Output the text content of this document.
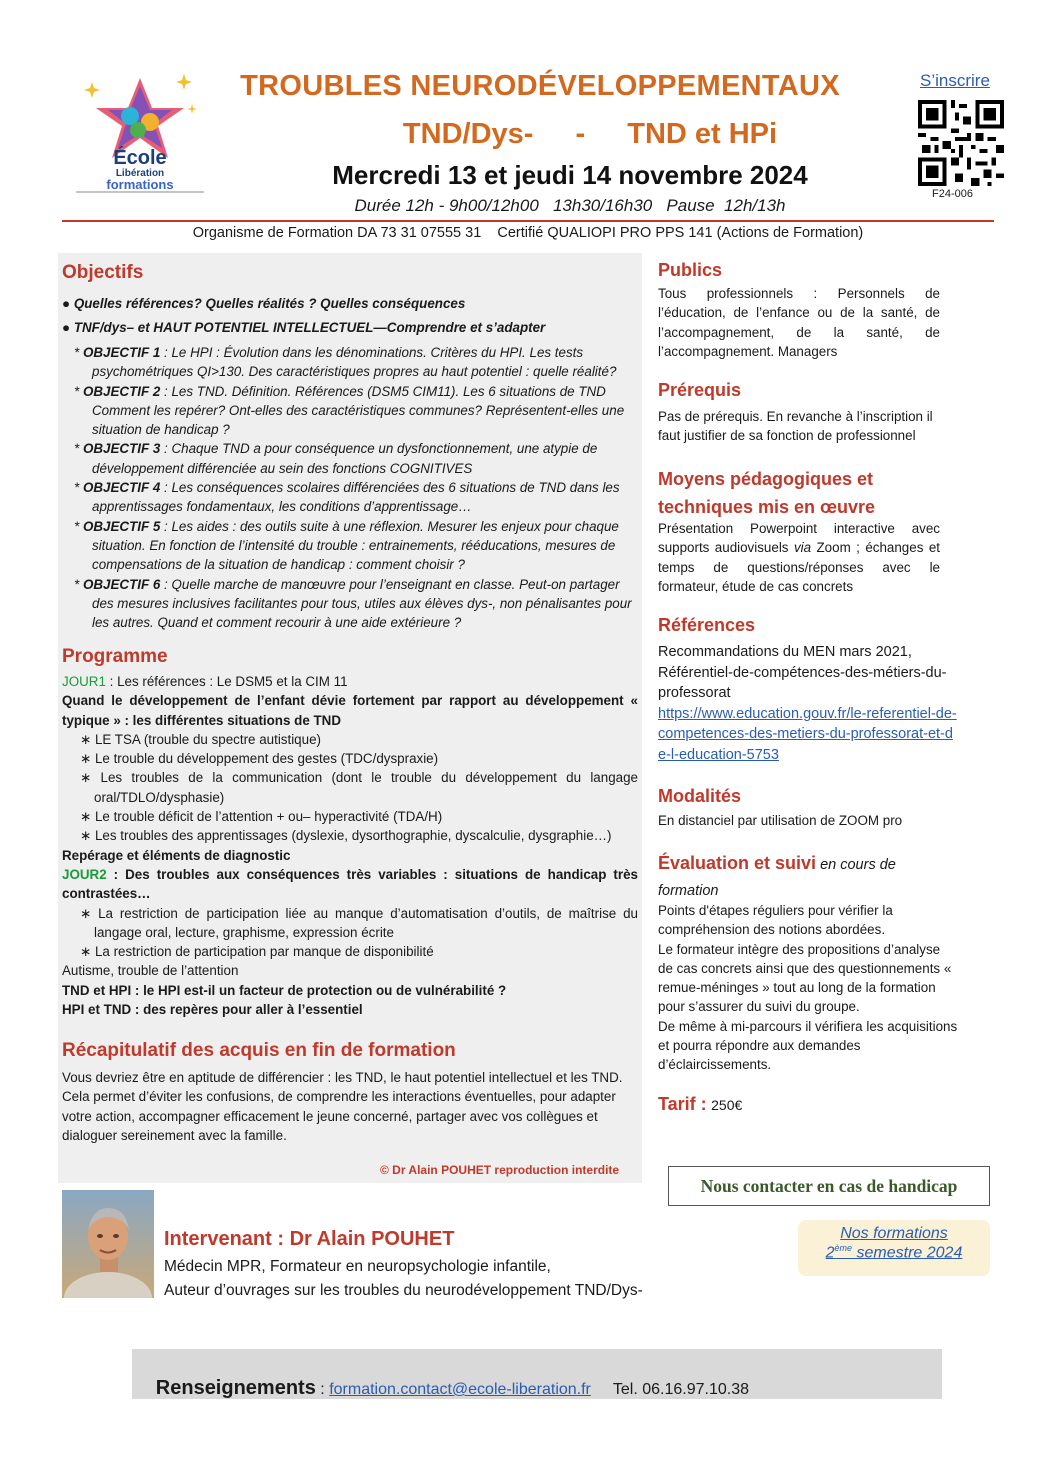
École
Libération
formations
TROUBLES NEURODÉVELOPPEMENTAUX
TND/Dys- - TND et HPi
Mercredi 13 et jeudi 14 novembre 2024
Durée 12h - 9h00/12h00   13h30/16h30   Pause  12h/13h
S’inscrire
F24-006
Organisme de Formation DA 73 31 07555 31    Certifié QUALIOPI PRO PPS 141 (Actions de Formation)
Objectifs
● Quelles références? Quelles réalités ? Quelles conséquences
● TNF/dys– et HAUT POTENTIEL INTELLECTUEL—Comprendre et s’adapter
* OBJECTIF 1 : Le HPI : Évolution dans les dénominations. Critères du HPI. Les tests psychométriques QI>130. Des caractéristiques propres au haut potentiel : quelle réalité?
* OBJECTIF 2 : Les TND. Définition. Références (DSM5 CIM11). Les 6 situations de TND Comment les repérer? Ont-elles des caractéristiques communes? Représentent-elles une situation de handicap ?
* OBJECTIF 3 : Chaque TND a pour conséquence un dysfonctionnement, une atypie de développement différenciée au sein des fonctions COGNITIVES
* OBJECTIF 4 : Les conséquences scolaires différenciées des 6 situations de TND dans les apprentissages fondamentaux, les conditions d’apprentissage…
* OBJECTIF 5 : Les aides : des outils suite à une réflexion. Mesurer les enjeux pour chaque situation. En fonction de l’intensité du trouble : entrainements, rééducations, mesures de compensations de la situation de handicap : comment choisir ?
* OBJECTIF 6 : Quelle marche de manœuvre pour l’enseignant en classe. Peut-on partager des mesures inclusives facilitantes pour tous, utiles aux élèves dys-, non pénalisantes pour les autres. Quand et comment recourir à une aide extérieure ?
Programme
JOUR1 : Les références : Le DSM5 et la CIM 11
Quand le développement de l’enfant dévie fortement par rapport au développement « typique » : les différentes situations de TND
∗ LE TSA (trouble du spectre autistique)
∗ Le trouble du développement des gestes (TDC/dyspraxie)
∗ Les troubles de la communication (dont le trouble du développement du langage oral/TDLO/dysphasie)
∗ Le trouble déficit de l’attention + ou– hyperactivité (TDA/H)
∗ Les troubles des apprentissages (dyslexie, dysorthographie, dyscalculie, dysgraphie…)
Repérage et éléments de diagnostic
JOUR2 : Des troubles aux conséquences très variables : situations de handicap très contrastées…
∗ La restriction de participation liée au manque d’automatisation d’outils, de maîtrise du langage oral, lecture, graphisme, expression écrite
∗ La restriction de participation par manque de disponibilité
Autisme, trouble de l’attention
TND et HPI : le HPI est-il un facteur de protection ou de vulnérabilité ?
HPI et TND : des repères pour aller à l’essentiel
Récapitulatif des acquis en fin de formation
Vous devriez être en aptitude de différencier : les TND, le haut potentiel intellectuel et les TND. Cela permet d’éviter les confusions, de comprendre les interactions éventuelles, pour adapter votre action, accompagner efficacement le jeune concerné, partager avec vos collègues et dialoguer sereinement avec la famille.
© Dr Alain POUHET reproduction interdite
Publics
Tous professionnels : Personnels de l’éducation, de l’enfance ou de la santé, de l’accompagnement, de la santé, de l’accompagnement. Managers
Prérequis
Pas de prérequis. En revanche à l’inscription il faut justifier de sa fonction de professionnel
Moyens pédagogiques et techniques mis en œuvre
Présentation Powerpoint interactive avec supports audiovisuels via Zoom ; échanges et temps de questions/réponses avec le formateur, étude de cas concrets
Références
Recommandations du MEN mars 2021, Référentiel-de-compétences-des-métiers-du-professorat
https://www.education.gouv.fr/le-referentiel-de-competences-des-metiers-du-professorat-et-de-l-education-5753
Modalités
En distanciel par utilisation de ZOOM pro
Évaluation et suivi en cours de formation
Points d'étapes réguliers pour vérifier la compréhension des notions abordées.
Le formateur intègre des propositions d’analyse de cas concrets ainsi que des questionnements « remue-méninges » tout au long de la formation pour s’assurer du suivi du groupe.
De même à mi-parcours il vérifiera les acquisitions et pourra répondre aux demandes d’éclaircissements.
Tarif : 250€
Nous contacter en cas de handicap
Nos formations
2ème semestre 2024
Intervenant : Dr Alain POUHET
Médecin MPR, Formateur en neuropsychologie infantile,
Auteur d’ouvrages sur les troubles du neurodéveloppement TND/Dys-

Renseignements : formation.contact@ecole-liberation.fr Tel. 06.16.97.10.38
